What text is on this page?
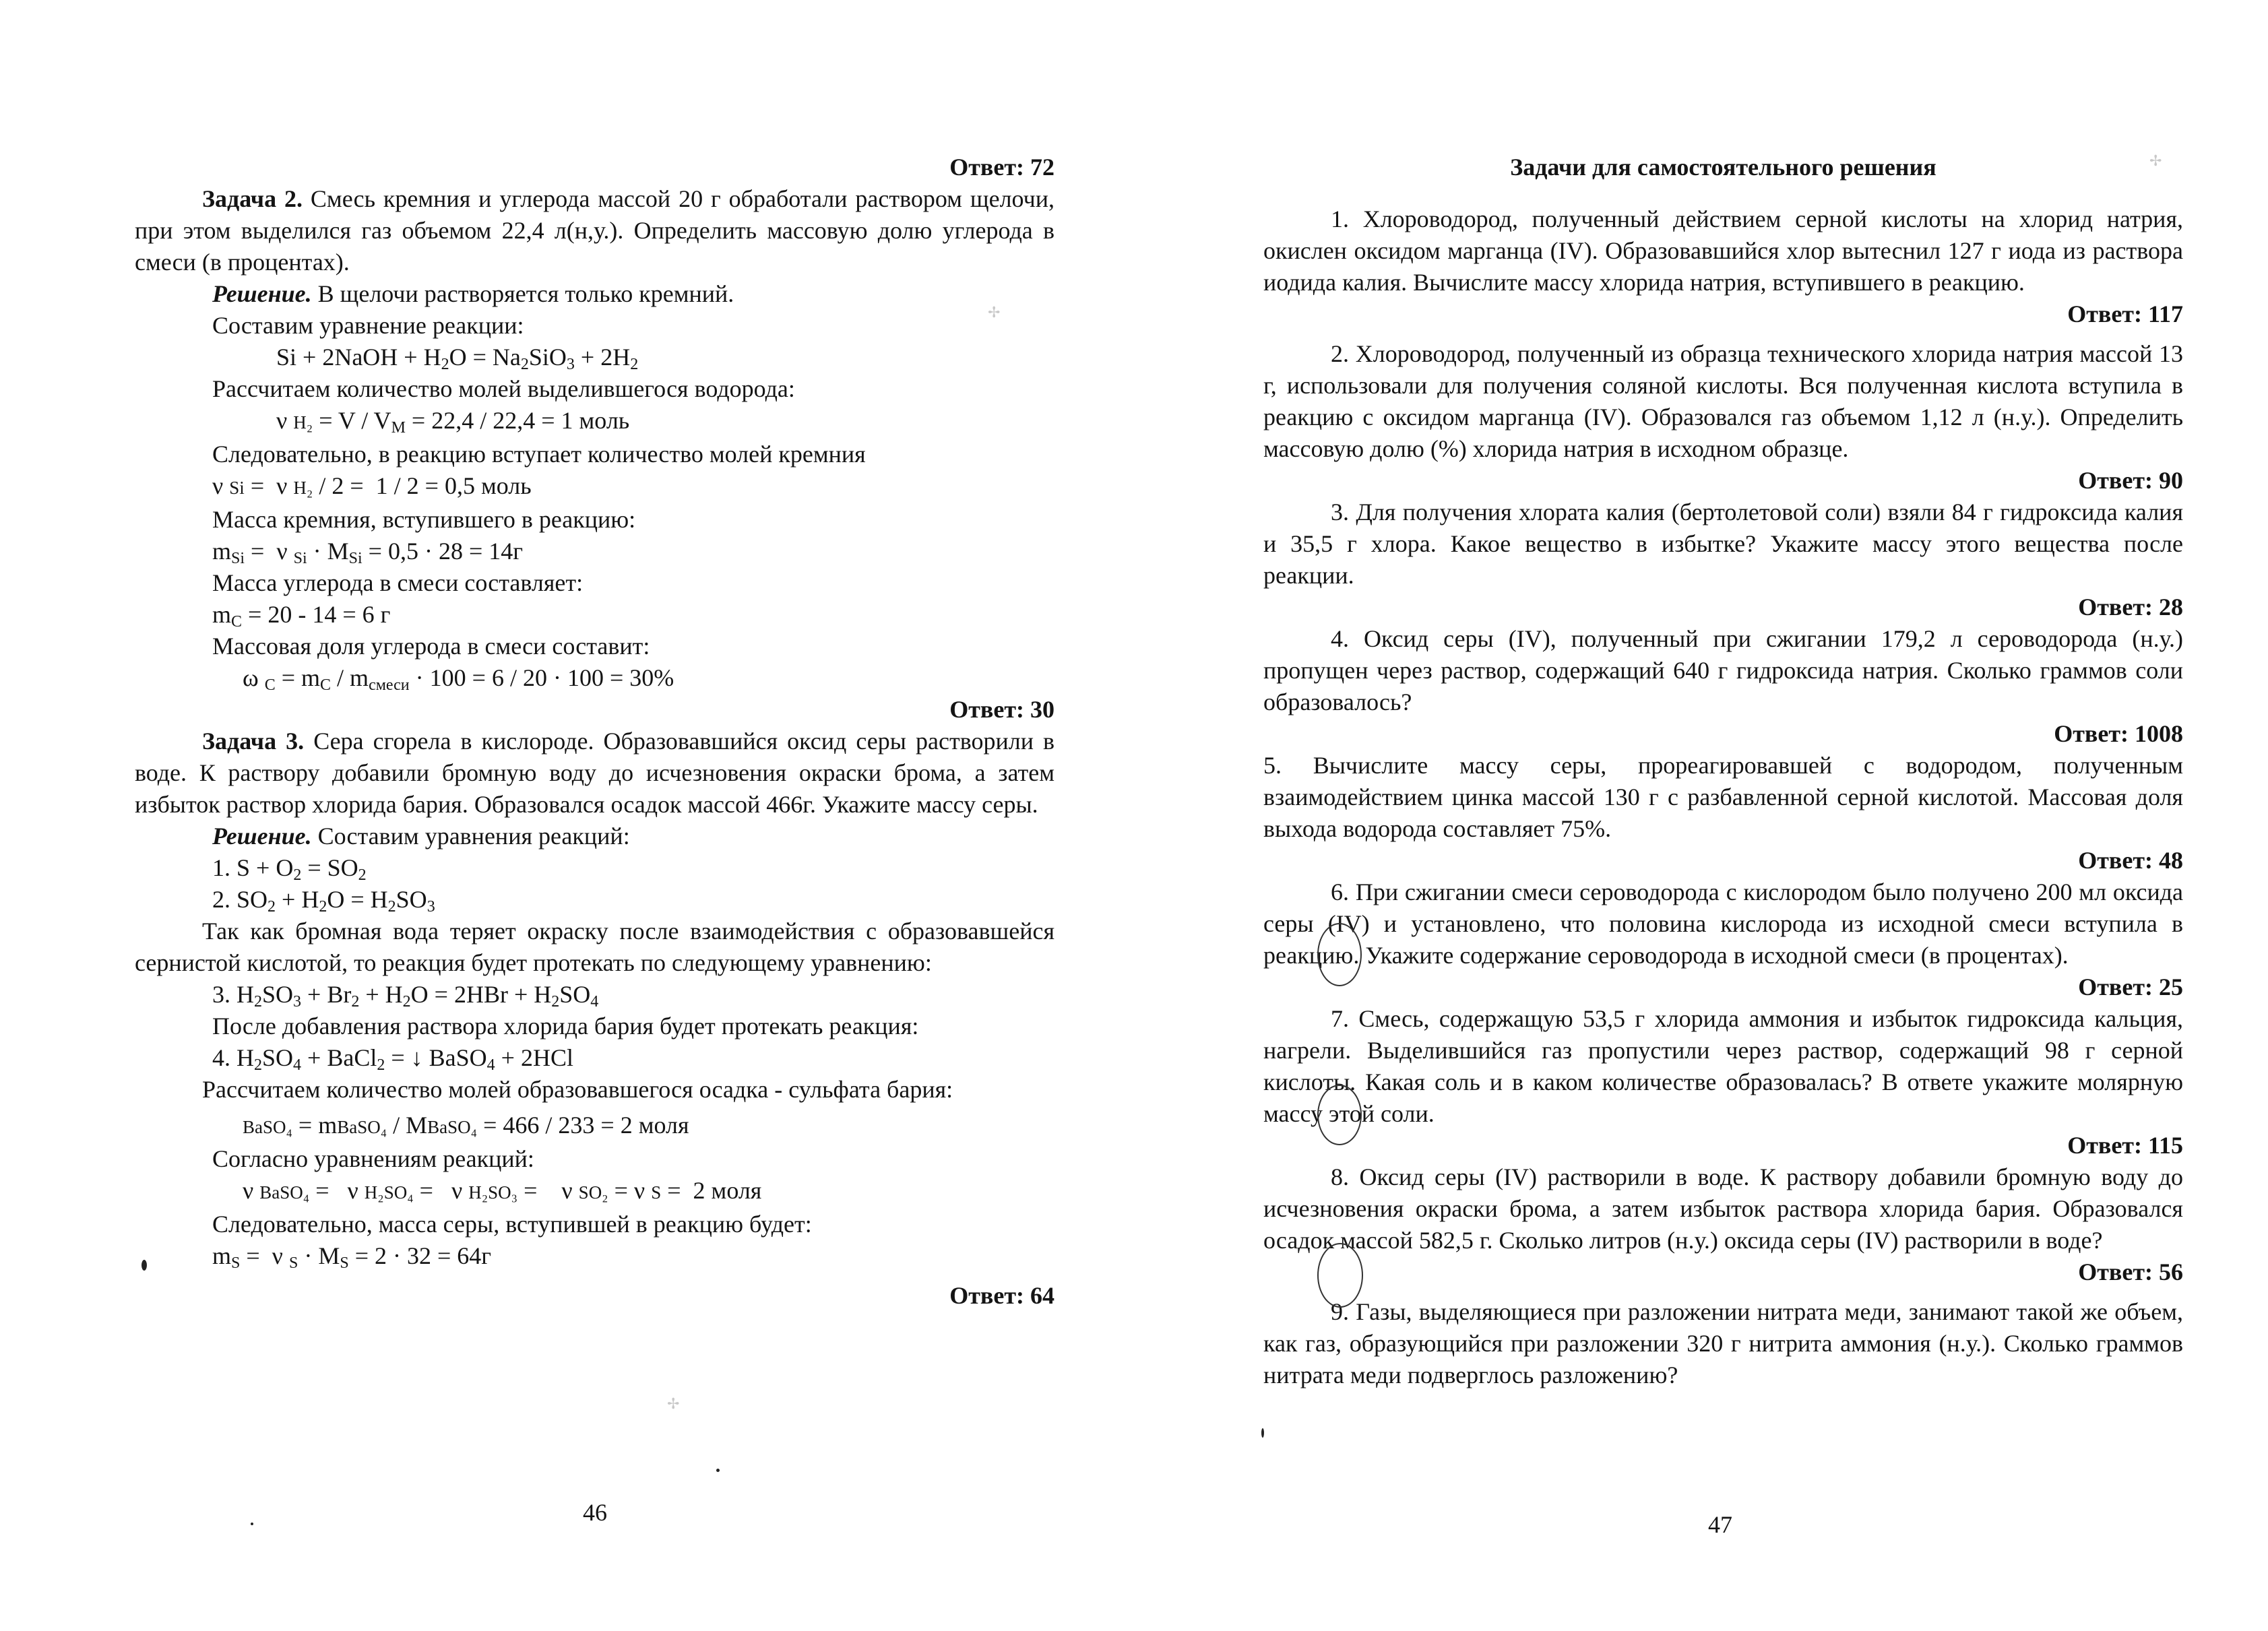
Ответ: 72

Задача 2. Смесь кремния и углерода массой 20 г обработали раствором щелочи, при этом выделился газ объемом 22,4 л(н,у.). Определить массовую долю углерода в смеси (в процентах).

Решение. В щелочи растворяется только кремний.

Составим уравнение реакции:

Si + 2NaOH + $H_2O = Na_2SiO_3 + 2H_2$

Рассчитаем количество молей выделившегося водорода:

ν $H_2 = V / V_M = 22,4 / 22,4 = 1$ моль

Следовательно, в реакцию вступает количество молей кремния

ν Si =  ν H₂ / 2 =  1 / 2 = 0,5 моль

Масса кремния, вступившего в реакцию:

$m_{Si} = \nu$ $_{Si} \cdot M_{Si} = 0,5 \cdot 28 = 14г$

Масса углерода в смеси составляет:

$m_C = 20 - 14 = 6$ г

Массовая доля углерода в смеси составит:

ω $_C = m_C / m_{смеси} \cdot 100 = 6 / 20 \cdot 100 = 30\%$

Ответ: 30

Задача 3. Сера сгорела в кислороде. Образовавшийся оксид серы растворили в воде. К раствору добавили бромную воду до исчезновения окраски брома, а затем избыток раствор хлорида бария. Образовался осадок массой 466г. Укажите массу серы.

Решение. Составим уравнения реакций:

1. $S + O_2 = SO_2$

2. $SO_2 + H_2O = H_2SO_3$

Так как бромная вода теряет окраску после взаимодействия с образовавшейся сернистой кислотой, то реакция будет протекать по следующему уравнению:

3. $H_2SO_3 + Br_2 + H_2O = 2HBr + H_2SO_4$

После добавления раствора хлорида бария будет протекать реакция:

4. $H_2SO_4$ + BaCl$_2$ = ↓ BaSO$_4$ + 2HCl

Рассчитаем количество молей образовавшегося осадка - сульфата бария:

BaSO₄ = mBaSO₄ / MBaSO₄ = 466 / 233 = 2 моля

Согласно уравнениям реакций:

ν BaSO₄ =   ν H₂SO₄ =   ν H₂SO₃ =    ν SO₂ = ν S =  2 моля

Следовательно, масса серы, вступившей в реакцию будет:

$m_S = \nu$ $_S \cdot M_S = 2 \cdot 32 = 64г$

Ответ: 64

46

Задачи для самостоятельного решения

1. Хлороводород, полученный действием серной кислоты на хлорид натрия, окислен оксидом марганца (IV). Образовавшийся хлор вытеснил 127 г иода из раствора иодида калия. Вычислите массу хлорида натрия, вступившего в реакцию.

Ответ: 117

2. Хлороводород, полученный из образца технического хлорида натрия массой 13 г, использовали для получения соляной кислоты. Вся полученная кислота вступила в реакцию с оксидом марганца (IV). Образовался газ объемом 1,12 л (н.у.). Определить массовую долю (%) хлорида натрия в исходном образце.

Ответ: 90

3. Для получения хлората калия (бертолетовой соли) взяли 84 г гидроксида калия и 35,5 г хлора. Какое вещество в избытке? Укажите массу этого вещества после реакции.

Ответ: 28

4. Оксид серы (IV), полученный при сжигании 179,2 л сероводорода (н.у.) пропущен через раствор, содержащий 640 г гидроксида натрия. Сколько граммов соли образовалось?

Ответ: 1008

5. Вычислите массу серы, прореагировавшей с водородом, полученным взаимодействием цинка массой 130 г с разбавленной серной кислотой. Массовая доля выхода водорода составляет 75%.

Ответ: 48

6. При сжигании смеси сероводорода с кислородом было получено 200 мл оксида серы (IV) и установлено, что половина кислорода из исходной смеси вступила в реакцию. Укажите содержание сероводорода в исходной смеси (в процентах).

Ответ: 25

7. Смесь, содержащую 53,5 г хлорида аммония и избыток гидроксида кальция, нагрели. Выделившийся газ пропустили через раствор, содержащий 98 г серной кислоты. Какая соль и в каком количестве образовалась? В ответе укажите молярную массу этой соли.

Ответ: 115

8. Оксид серы (IV) растворили в воде. К раствору добавили бромную воду до исчезновения окраски брома, а затем избыток раствора хлорида бария. Образовался осадок массой 582,5 г. Сколько литров (н.у.) оксида серы (IV) растворили в воде?

Ответ: 56

9. Газы, выделяющиеся при разложении нитрата меди, занимают такой же объем, как газ, образующийся при разложении 320 г нитрита аммония (н.у.). Сколько граммов нитрата меди подверглось разложению?

47
✢
✢
✢
